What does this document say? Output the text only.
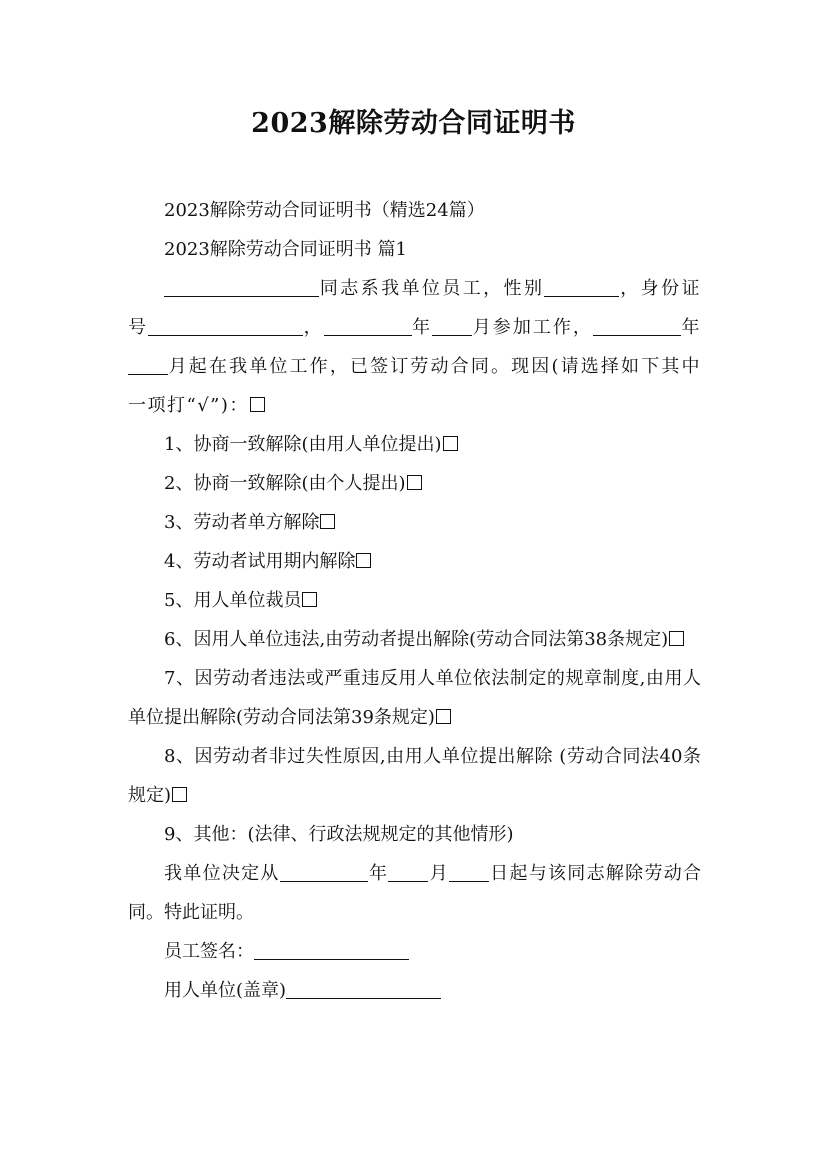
2023解除劳动合同证明书

2023解除劳动合同证明书（精选24篇）

2023解除劳动合同证明书 篇1

同志系我单位员工，性别	，身份证号	，	年 月参加工作，	年月起在我单位工作，已签订劳动合同。现因(请选择如下其中一项打“√”)：

1、协商一致解除(由用人单位提出)

2、协商一致解除(由个人提出)

3、劳动者单方解除

4、劳动者试用期内解除

5、用人单位裁员

6、因用人单位违法,由劳动者提出解除(劳动合同法第38条规定)

7、因劳动者违法或严重违反用人单位依法制定的规章制度,由用人单位提出解除(劳动合同法第39条规定)

8、因劳动者非过失性原因,由用人单位提出解除 (劳动合同法40条规定)

9、其他：(法律、行政法规规定的其他情形)

我单位决定从	年 月 日起与该同志解除劳动合同。特此证明。

员工签名：

用人单位(盖章)
